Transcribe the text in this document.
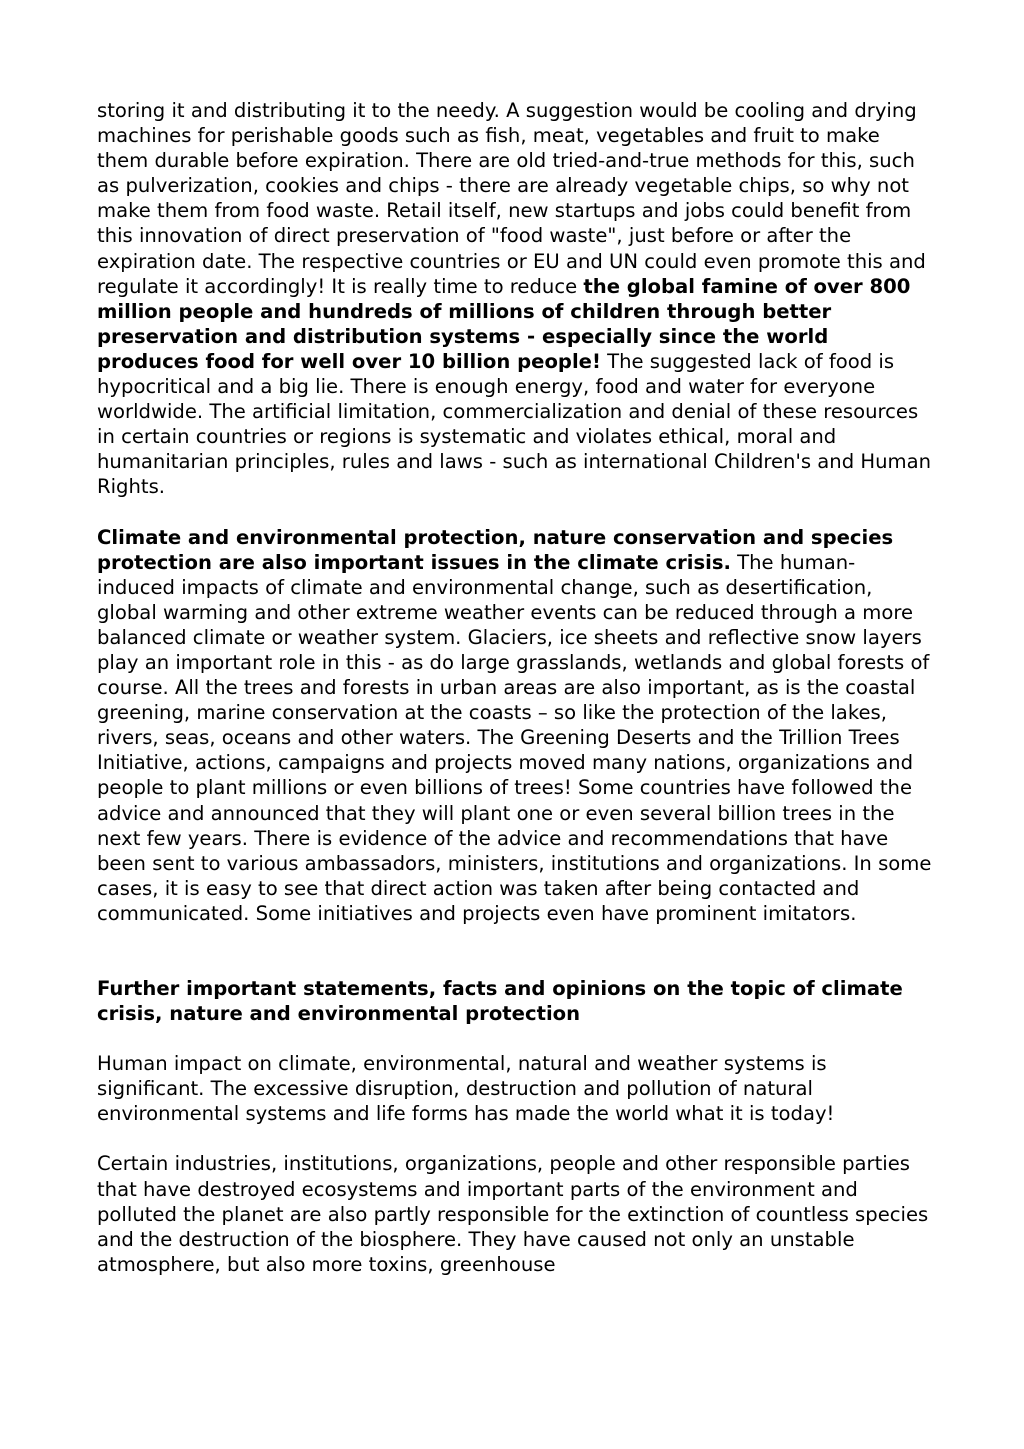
storing it and distributing it to the needy. A suggestion would be cooling and drying machines for perishable goods such as fish, meat, vegetables and fruit to make them durable before expiration. There are old tried-and-true methods for this, such as pulverization, cookies and chips - there are already vegetable chips, so why not make them from food waste. Retail itself, new startups and jobs could benefit from this innovation of direct preservation of "food waste", just before or after the expiration date. The respective countries or EU and UN could even promote this and regulate it accordingly! It is really time to reduce the global famine of over 800 million people and hundreds of millions of children through better preservation and distribution systems - especially since the world produces food for well over 10 billion people! The suggested lack of food is hypocritical and a big lie. There is enough energy, food and water for everyone worldwide. The artificial limitation, commercialization and denial of these resources in certain countries or regions is systematic and violates ethical, moral and humanitarian principles, rules and laws - such as international Children's and Human Rights.

Climate and environmental protection, nature conservation and species protection are also important issues in the climate crisis. The human-induced impacts of climate and environmental change, such as desertification, global warming and other extreme weather events can be reduced through a more balanced climate or weather system. Glaciers, ice sheets and reflective snow layers play an important role in this - as do large grasslands, wetlands and global forests of course. All the trees and forests in urban areas are also important, as is the coastal greening, marine conservation at the coasts – so like the protection of the lakes, rivers, seas, oceans and other waters. The Greening Deserts and the Trillion Trees Initiative, actions, campaigns and projects moved many nations, organizations and people to plant millions or even billions of trees! Some countries have followed the advice and announced that they will plant one or even several billion trees in the next few years. There is evidence of the advice and recommendations that have been sent to various ambassadors, ministers, institutions and organizations. In some cases, it is easy to see that direct action was taken after being contacted and communicated. Some initiatives and projects even have prominent imitators.

Further important statements, facts and opinions on the topic of climate crisis, nature and environmental protection

Human impact on climate, environmental, natural and weather systems is significant. The excessive disruption, destruction and pollution of natural environmental systems and life forms has made the world what it is today!

Certain industries, institutions, organizations, people and other responsible parties that have destroyed ecosystems and important parts of the environment and polluted the planet are also partly responsible for the extinction of countless species and the destruction of the biosphere. They have caused not only an unstable atmosphere, but also more toxins, greenhouse
